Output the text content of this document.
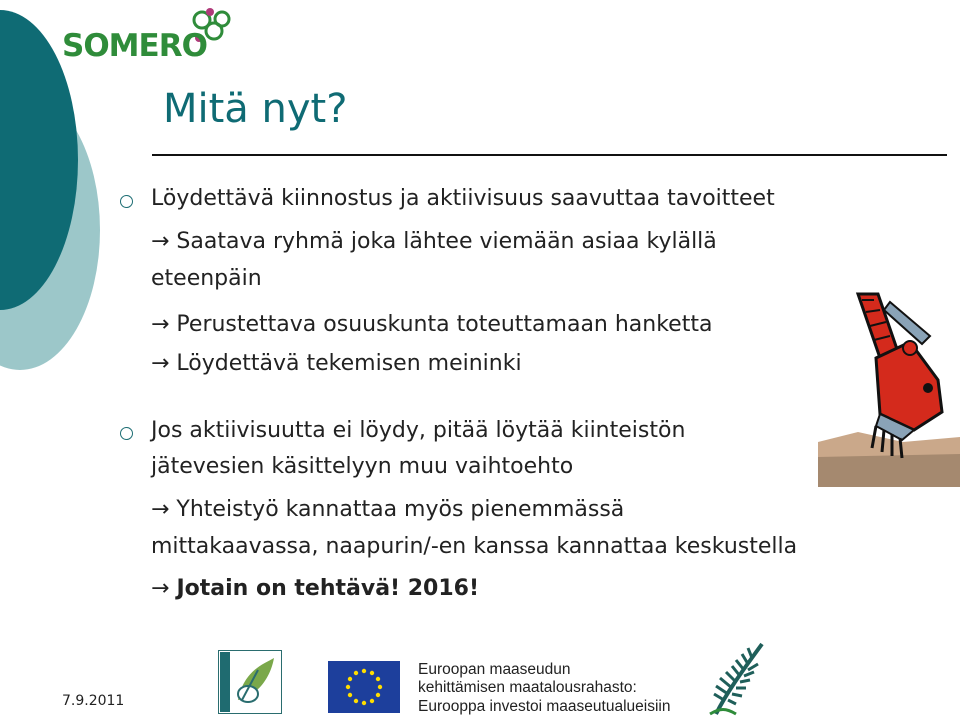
SOMERO
Mitä nyt?
Löydettävä kiinnostus ja aktiivisuus saavuttaa tavoitteet
→ Saatava ryhmä joka lähtee viemään asiaa kylällä
eteenpäin
→ Perustettava osuuskunta toteuttamaan hanketta
→ Löydettävä tekemisen meininki
Jos aktiivisuutta ei löydy, pitää löytää kiinteistön
jätevesien käsittelyyn muu vaihtoehto
→ Yhteistyö kannattaa myös pienemmässä
mittakaavassa, naapurin/-en kanssa kannattaa keskustella
→ Jotain on tehtävä! 2016!
7.9.2011
Euroopan maaseudun
kehittämisen maatalousrahasto:
Eurooppa investoi maaseutualueisiin
